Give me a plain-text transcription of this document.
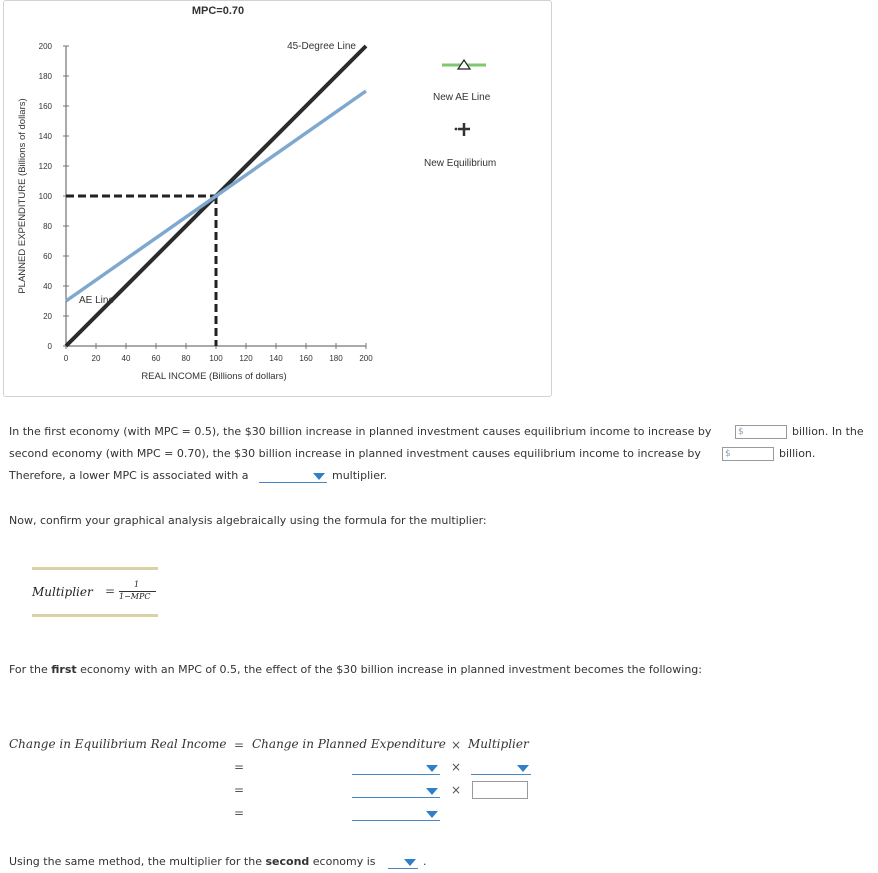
MPC=0.70
0	20	40	60	80 100 120 140 160 180 200
0
20
40
60
80
100
120
140
160
180
200
REAL INCOME (Billions of dollars)
PLANNED EXPENDITURE (Billions of dollars)
45-Degree Line
AE Line
New AE Line
New Equilibrium
In the first economy (with MPC = 0.5), the $30 billion increase in planned investment causes equilibrium income to increase by	$	billion. In the
second economy (with MPC = 0.70), the $30 billion increase in planned investment causes equilibrium income to increase by	$	billion.
Therefore, a lower MPC is associated with a	multiplier.
Now, confirm your graphical analysis algebraically using the formula for the multiplier:
Multiplier = 1
1−MPC
For the first economy with an MPC of 0.5, the effect of the $30 billion increase in planned investment becomes the following:
Change in Equilibrium Real Income = Change in Planned Expenditure × Multiplier
=	×
=	×
=
Using the same method, the multiplier for the second economy is	.
